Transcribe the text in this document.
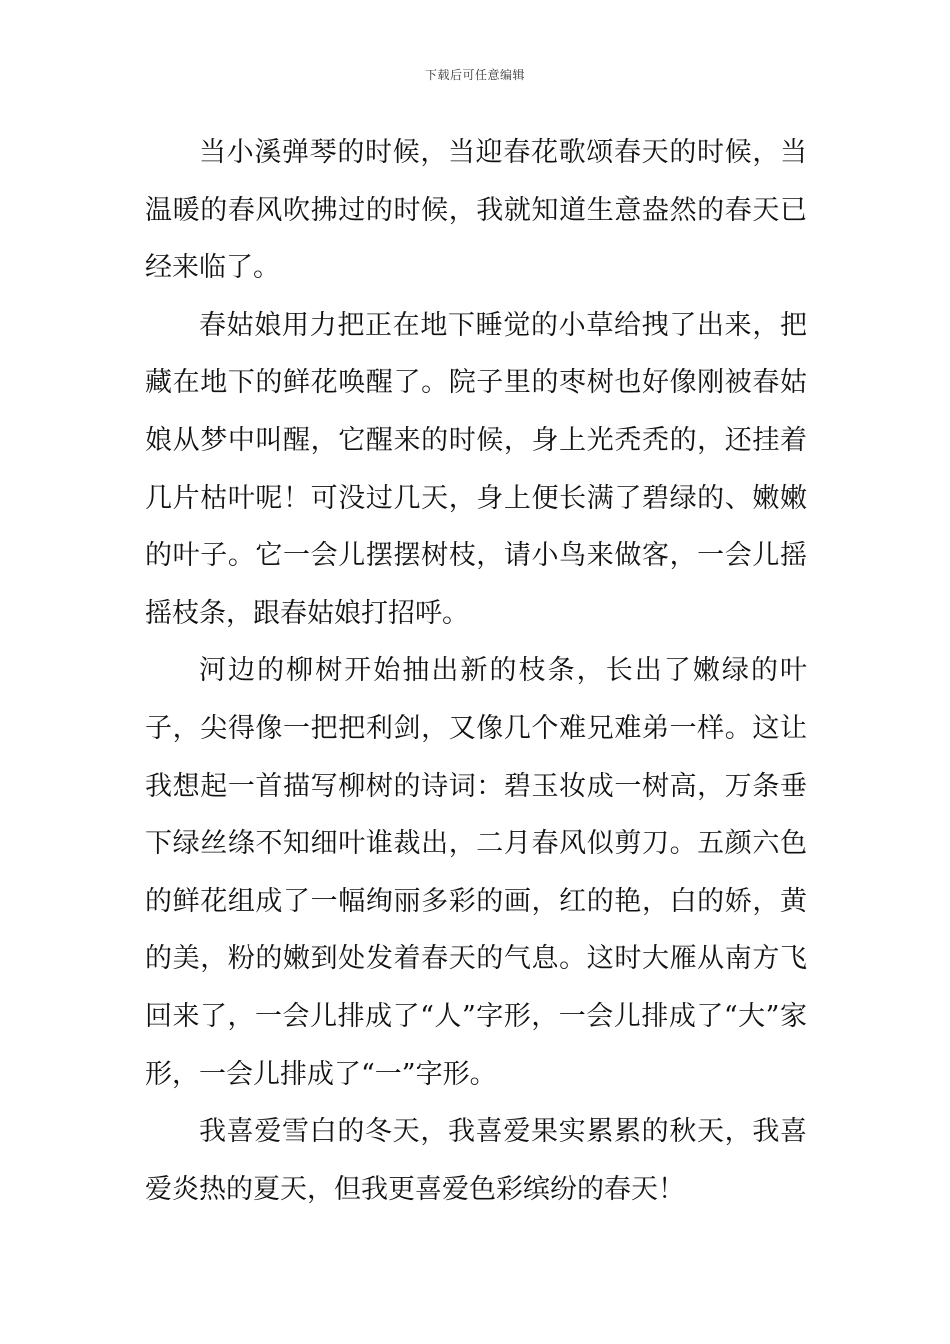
下载后可任意编辑

当小溪弹琴的时候，当迎春花歌颂春天的时候，当温暖的春风吹拂过的时候，我就知道生意盎然的春天已经来临了。

春姑娘用力把正在地下睡觉的小草给拽了出来，把藏在地下的鲜花唤醒了。院子里的枣树也好像刚被春姑娘从梦中叫醒，它醒来的时候，身上光秃秃的，还挂着几片枯叶呢！可没过几天，身上便长满了碧绿的、嫩嫩的叶子。它一会儿摆摆树枝，请小鸟来做客，一会儿摇摇枝条，跟春姑娘打招呼。

河边的柳树开始抽出新的枝条，长出了嫩绿的叶子，尖得像一把把利剑，又像几个难兄难弟一样。这让我想起一首描写柳树的诗词：碧玉妆成一树高，万条垂下绿丝绦不知细叶谁裁出，二月春风似剪刀。五颜六色的鲜花组成了一幅绚丽多彩的画，红的艳，白的娇，黄的美，粉的嫩到处发着春天的气息。这时大雁从南方飞回来了，一会儿排成了“人”字形，一会儿排成了“大”家形，一会儿排成了“一”字形。

我喜爱雪白的冬天，我喜爱果实累累的秋天，我喜爱炎热的夏天，但我更喜爱色彩缤纷的春天！
